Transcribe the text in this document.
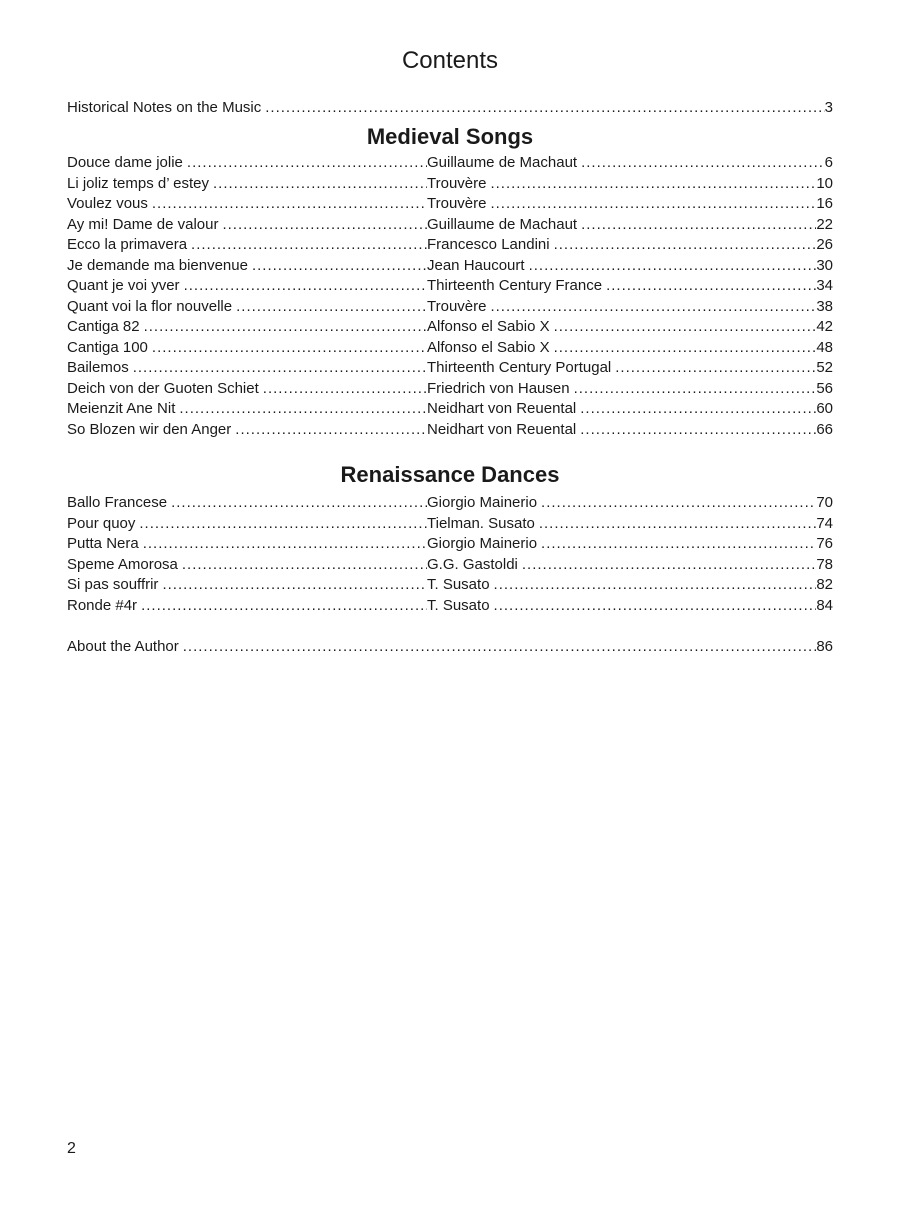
Contents
Historical Notes on the Music .....	3
Medieval Songs
Douce dame jolie .....	Guillaume de Machaut .....	6
Li joliz temps d’ estey .....	Trouvère .....	10
Voulez vous .....	Trouvère .....	16
Ay mi! Dame de valour .....	Guillaume de Machaut .....	22
Ecco la primavera .....	Francesco Landini .....	26
Je demande ma bienvenue .....	Jean Haucourt .....	30
Quant je voi yver .....	Thirteenth Century France .....	34
Quant voi la flor nouvelle .....	Trouvère .....	38
Cantiga 82 .....	Alfonso el Sabio X .....	42
Cantiga 100 .....	Alfonso el Sabio X .....	48
Bailemos .....	Thirteenth Century Portugal .....	52
Deich von der Guoten Schiet .....	Friedrich von Hausen .....	56
Meienzit Ane Nit .....	Neidhart von Reuental .....	60
So Blozen wir den Anger .....	Neidhart von Reuental .....	66
Renaissance Dances
Ballo Francese .....	Giorgio Mainerio .....	70
Pour quoy .....	Tielman. Susato .....	74
Putta Nera .....	Giorgio Mainerio .....	76
Speme Amorosa .....	G.G. Gastoldi .....	78
Si pas souffrir .....	T. Susato .....	82
Ronde #4r .....	T. Susato .....	84
About the Author .....	86
2
